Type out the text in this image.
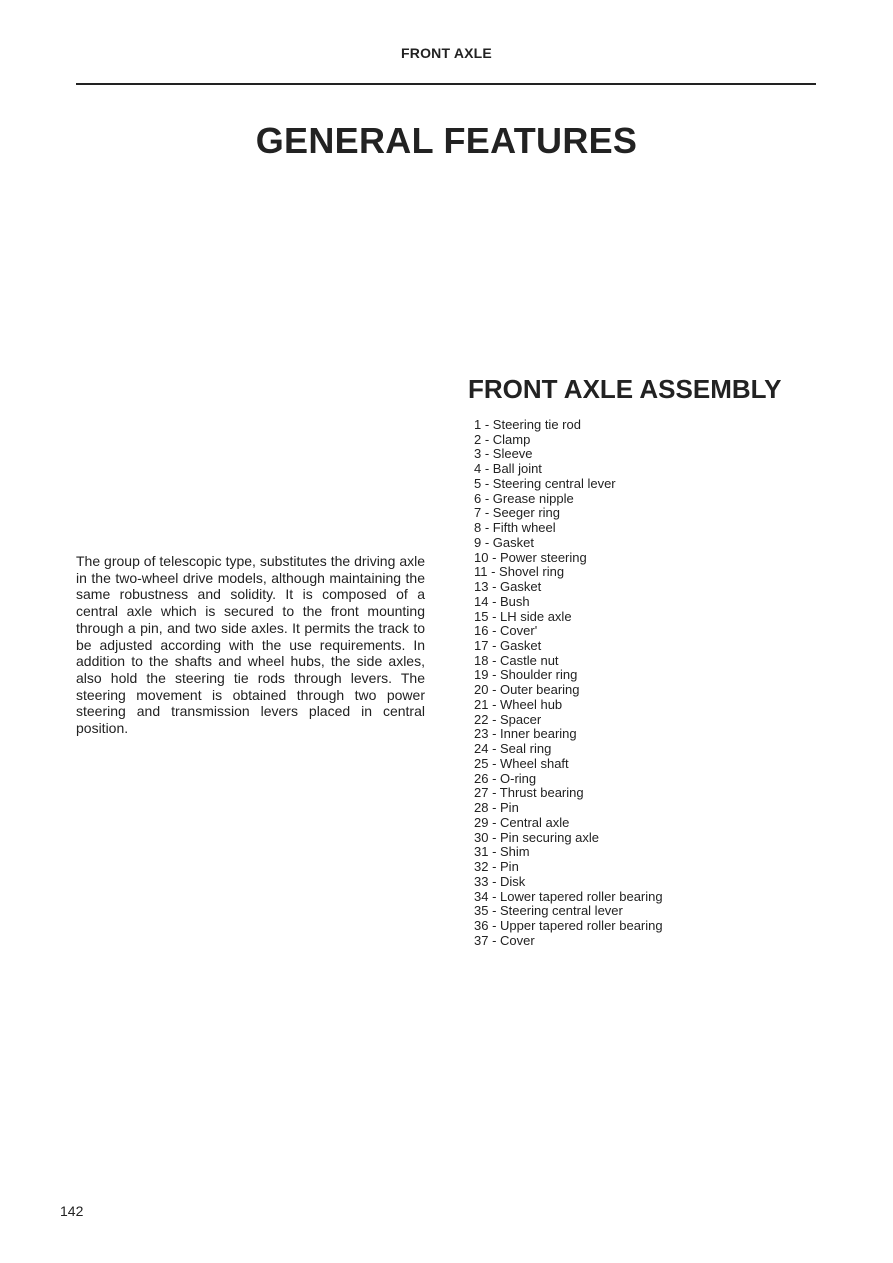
FRONT AXLE
GENERAL FEATURES

The group of telescopic type, substitutes the driving axle in the two-wheel drive models, although maintaining the same robustness and solidity. It is composed of a central axle which is secured to the front mounting through a pin, and two side axles. It permits the track to be adjusted according with the use requirements. In addition to the shafts and wheel hubs, the side axles, also hold the steering tie rods through levers. The steering movement is obtained through two power steering and transmission levers placed in central position.

FRONT AXLE ASSEMBLY
1 - Steering tie rod
2 - Clamp
3 - Sleeve
4 - Ball joint
5 - Steering central lever
6 - Grease nipple
7 - Seeger ring
8 - Fifth wheel
9 - Gasket
10 - Power steering
11 - Shovel ring
13 - Gasket
14 - Bush
15 - LH side axle
16 - Cover'
17 - Gasket
18 - Castle nut
19 - Shoulder ring
20 - Outer bearing
21 - Wheel hub
22 - Spacer
23 - Inner bearing
24 - Seal ring
25 - Wheel shaft
26 - O-ring
27 - Thrust bearing
28 - Pin
29 - Central axle
30 - Pin securing axle
31 - Shim
32 - Pin
33 - Disk
34 - Lower tapered roller bearing
35 - Steering central lever
36 - Upper tapered roller bearing
37 - Cover
142
